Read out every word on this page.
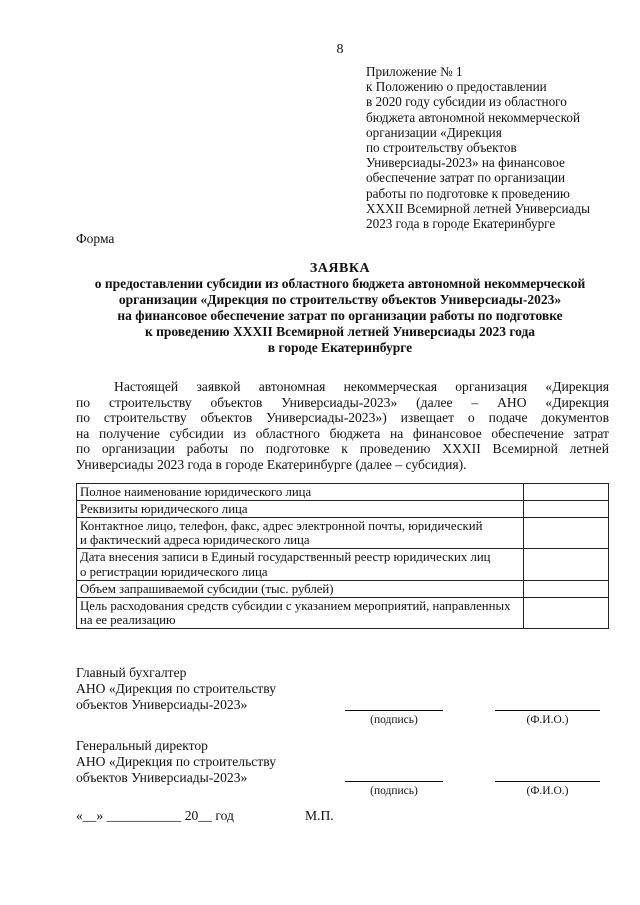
8
Приложение № 1
к Положению о предоставлении
в 2020 году субсидии из областного
бюджета автономной некоммерческой
организации «Дирекция
по строительству объектов
Универсиады-2023» на финансовое
обеспечение затрат по организации
работы по подготовке к проведению
XXXII Всемирной летней Универсиады
2023 года в городе Екатеринбурге
Форма
ЗАЯВКА
о предоставлении субсидии из областного бюджета автономной некоммерческой
организации «Дирекция по строительству объектов Универсиады-2023»
на финансовое обеспечение затрат по организации работы по подготовке
к проведению XXXII Всемирной летней Универсиады 2023 года
в городе Екатеринбурге
Настоящей заявкой автономная некоммерческая организация «Дирекция
по строительству объектов Универсиады-2023» (далее – АНО «Дирекция
по строительству объектов Универсиады-2023») извещает о подаче документов
на получение субсидии из областного бюджета на финансовое обеспечение затрат
по организации работы по подготовке к проведению XXXII Всемирной летней
Универсиады 2023 года в городе Екатеринбурге (далее – субсидия).
Полное наименование юридического лица	

Реквизиты юридического лица	

Контактное лицо, телефон, факс, адрес электронной почты, юридический
и фактический адреса юридического лица	

Дата внесения записи в Единый государственный реестр юридических лиц
о регистрации юридического лица	

Объем запрашиваемой субсидии (тыс. рублей)	

Цель расходования средств субсидии с указанием мероприятий, направленных
на ее реализацию	

Главный бухгалтер
АНО «Дирекция по строительству
объектов Универсиады-2023»
(подпись)	(Ф.И.О.)
Генеральный директор
АНО «Дирекция по строительству
объектов Универсиады-2023»
(подпись)	(Ф.И.О.)
«__» ___________ 20__ год	М.П.
